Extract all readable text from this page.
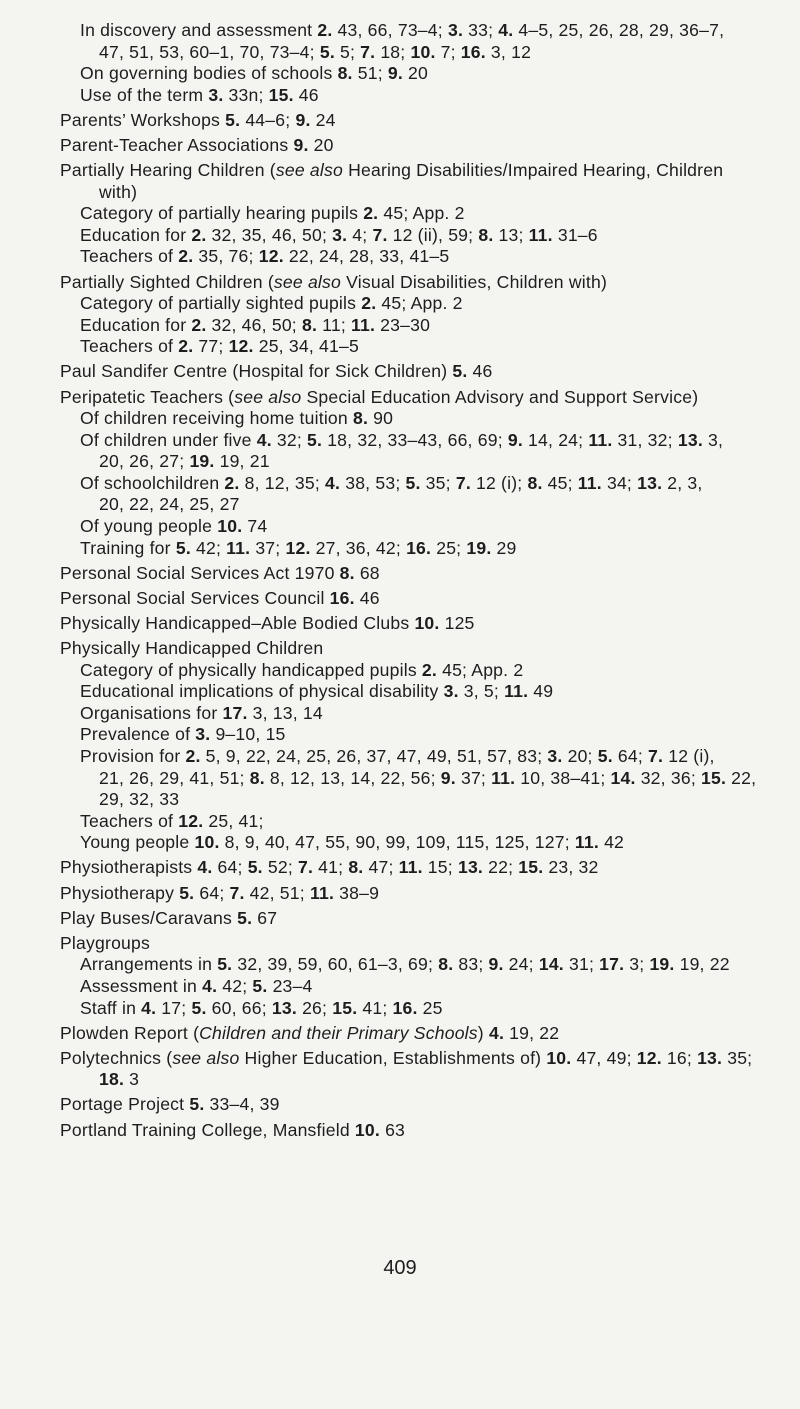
In discovery and assessment 2. 43, 66, 73–4; 3. 33; 4. 4–5, 25, 26, 28, 29, 36–7,
47, 51, 53, 60–1, 70, 73–4; 5. 5; 7. 18; 10. 7; 16. 3, 12
On governing bodies of schools 8. 51; 9. 20
Use of the term 3. 33n; 15. 46
Parents’ Workshops 5. 44–6; 9. 24
Parent-Teacher Associations 9. 20
Partially Hearing Children (see also Hearing Disabilities/Impaired Hearing, Children
with)
Category of partially hearing pupils 2. 45; App. 2
Education for 2. 32, 35, 46, 50; 3. 4; 7. 12 (ii), 59; 8. 13; 11. 31–6
Teachers of 2. 35, 76; 12. 22, 24, 28, 33, 41–5
Partially Sighted Children (see also Visual Disabilities, Children with)
Category of partially sighted pupils 2. 45; App. 2
Education for 2. 32, 46, 50; 8. 11; 11. 23–30
Teachers of 2. 77; 12. 25, 34, 41–5
Paul Sandifer Centre (Hospital for Sick Children) 5. 46
Peripatetic Teachers (see also Special Education Advisory and Support Service)
Of children receiving home tuition 8. 90
Of children under five 4. 32; 5. 18, 32, 33–43, 66, 69; 9. 14, 24; 11. 31, 32; 13. 3,
20, 26, 27; 19. 19, 21
Of schoolchildren 2. 8, 12, 35; 4. 38, 53; 5. 35; 7. 12 (i); 8. 45; 11. 34; 13. 2, 3,
20, 22, 24, 25, 27
Of young people 10. 74
Training for 5. 42; 11. 37; 12. 27, 36, 42; 16. 25; 19. 29
Personal Social Services Act 1970 8. 68
Personal Social Services Council 16. 46
Physically Handicapped–Able Bodied Clubs 10. 125
Physically Handicapped Children
Category of physically handicapped pupils 2. 45; App. 2
Educational implications of physical disability 3. 3, 5; 11. 49
Organisations for 17. 3, 13, 14
Prevalence of 3. 9–10, 15
Provision for 2. 5, 9, 22, 24, 25, 26, 37, 47, 49, 51, 57, 83; 3. 20; 5. 64; 7. 12 (i),
21, 26, 29, 41, 51; 8. 8, 12, 13, 14, 22, 56; 9. 37; 11. 10, 38–41; 14. 32, 36; 15. 22,
29, 32, 33
Teachers of 12. 25, 41;
Young people 10. 8, 9, 40, 47, 55, 90, 99, 109, 115, 125, 127; 11. 42
Physiotherapists 4. 64; 5. 52; 7. 41; 8. 47; 11. 15; 13. 22; 15. 23, 32
Physiotherapy 5. 64; 7. 42, 51; 11. 38–9
Play Buses/Caravans 5. 67
Playgroups
Arrangements in 5. 32, 39, 59, 60, 61–3, 69; 8. 83; 9. 24; 14. 31; 17. 3; 19. 19, 22
Assessment in 4. 42; 5. 23–4
Staff in 4. 17; 5. 60, 66; 13. 26; 15. 41; 16. 25
Plowden Report (Children and their Primary Schools) 4. 19, 22
Polytechnics (see also Higher Education, Establishments of) 10. 47, 49; 12. 16; 13. 35;
18. 3
Portage Project 5. 33–4, 39
Portland Training College, Mansfield 10. 63
409
